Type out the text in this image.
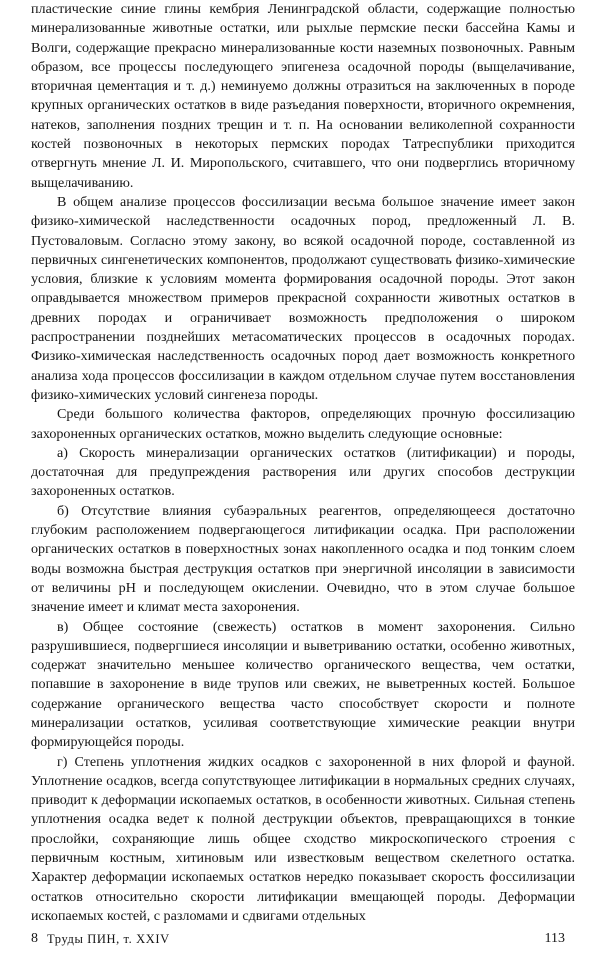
пластические синие глины кембрия Ленинградской области, содержащие полностью минерализованные животные остатки, или рыхлые пермские пески бассейна Камы и Волги, содержащие прекрасно минерализованные кости наземных позвоночных. Равным образом, все процессы последующего эпигенеза осадочной породы (выщелачивание, вторичная цементация и т. д.) неминуемо должны отразиться на заключенных в породе крупных органических остатков в виде разъедания поверхности, вторичного окремнения, натеков, заполнения поздних трещин и т. п. На основании великолепной сохранности костей позвоночных в некоторых пермских породах Татреспублики приходится отвергнуть мнение Л. И. Миропольского, считавшего, что они подверглись вторичному выщелачиванию.

В общем анализе процессов фоссилизации весьма большое значение имеет закон физико-химической наследственности осадочных пород, предложенный Л. В. Пустоваловым. Согласно этому закону, во всякой осадочной породе, составленной из первичных сингенетических компонентов, продолжают существовать физико-химические условия, близкие к условиям момента формирования осадочной породы. Этот закон оправдывается множеством примеров прекрасной сохранности животных остатков в древних породах и ограничивает возможность предположения о широком распространении позднейших метасоматических процессов в осадочных породах. Физико-химическая наследственность осадочных пород дает возможность конкретного анализа хода процессов фоссилизации в каждом отдельном случае путем восстановления физико-химических условий сингенеза породы.

Среди большого количества факторов, определяющих прочную фоссилизацию захороненных органических остатков, можно выделить следующие основные:

а) Скорость минерализации органических остатков (литификации) и породы, достаточная для предупреждения растворения или других способов деструкции захороненных остатков.

б) Отсутствие влияния субаэральных реагентов, определяющееся достаточно глубоким расположением подвергающегося литификации осадка. При расположении органических остатков в поверхностных зонах накопленного осадка и под тонким слоем воды возможна быстрая деструкция остатков при энергичной инсоляции в зависимости от величины pH и последующем окислении. Очевидно, что в этом случае большое значение имеет и климат места захоронения.

в) Общее состояние (свежесть) остатков в момент захоронения. Сильно разрушившиеся, подвергшиеся инсоляции и выветриванию остатки, особенно животных, содержат значительно меньшее количество органического вещества, чем остатки, попавшие в захоронение в виде трупов или свежих, не выветренных костей. Большое содержание органического вещества часто способствует скорости и полноте минерализации остатков, усиливая соответствующие химические реакции внутри формирующейся породы.

г) Степень уплотнения жидких осадков с захороненной в них флорой и фауной. Уплотнение осадков, всегда сопутствующее литификации в нормальных средних случаях, приводит к деформации ископаемых остатков, в особенности животных. Сильная степень уплотнения осадка ведет к полной деструкции объектов, превращающихся в тонкие прослойки, сохраняющие лишь общее сходство микроскопического строения с первичным костным, хитиновым или известковым веществом скелетного остатка. Характер деформации ископаемых остатков нередко показывает скорость фоссилизации остатков относительно скорости литификации вмещающей породы. Деформации ископаемых костей, с разломами и сдвигами отдельных

8 Труды ПИН, т. XXIV	113
